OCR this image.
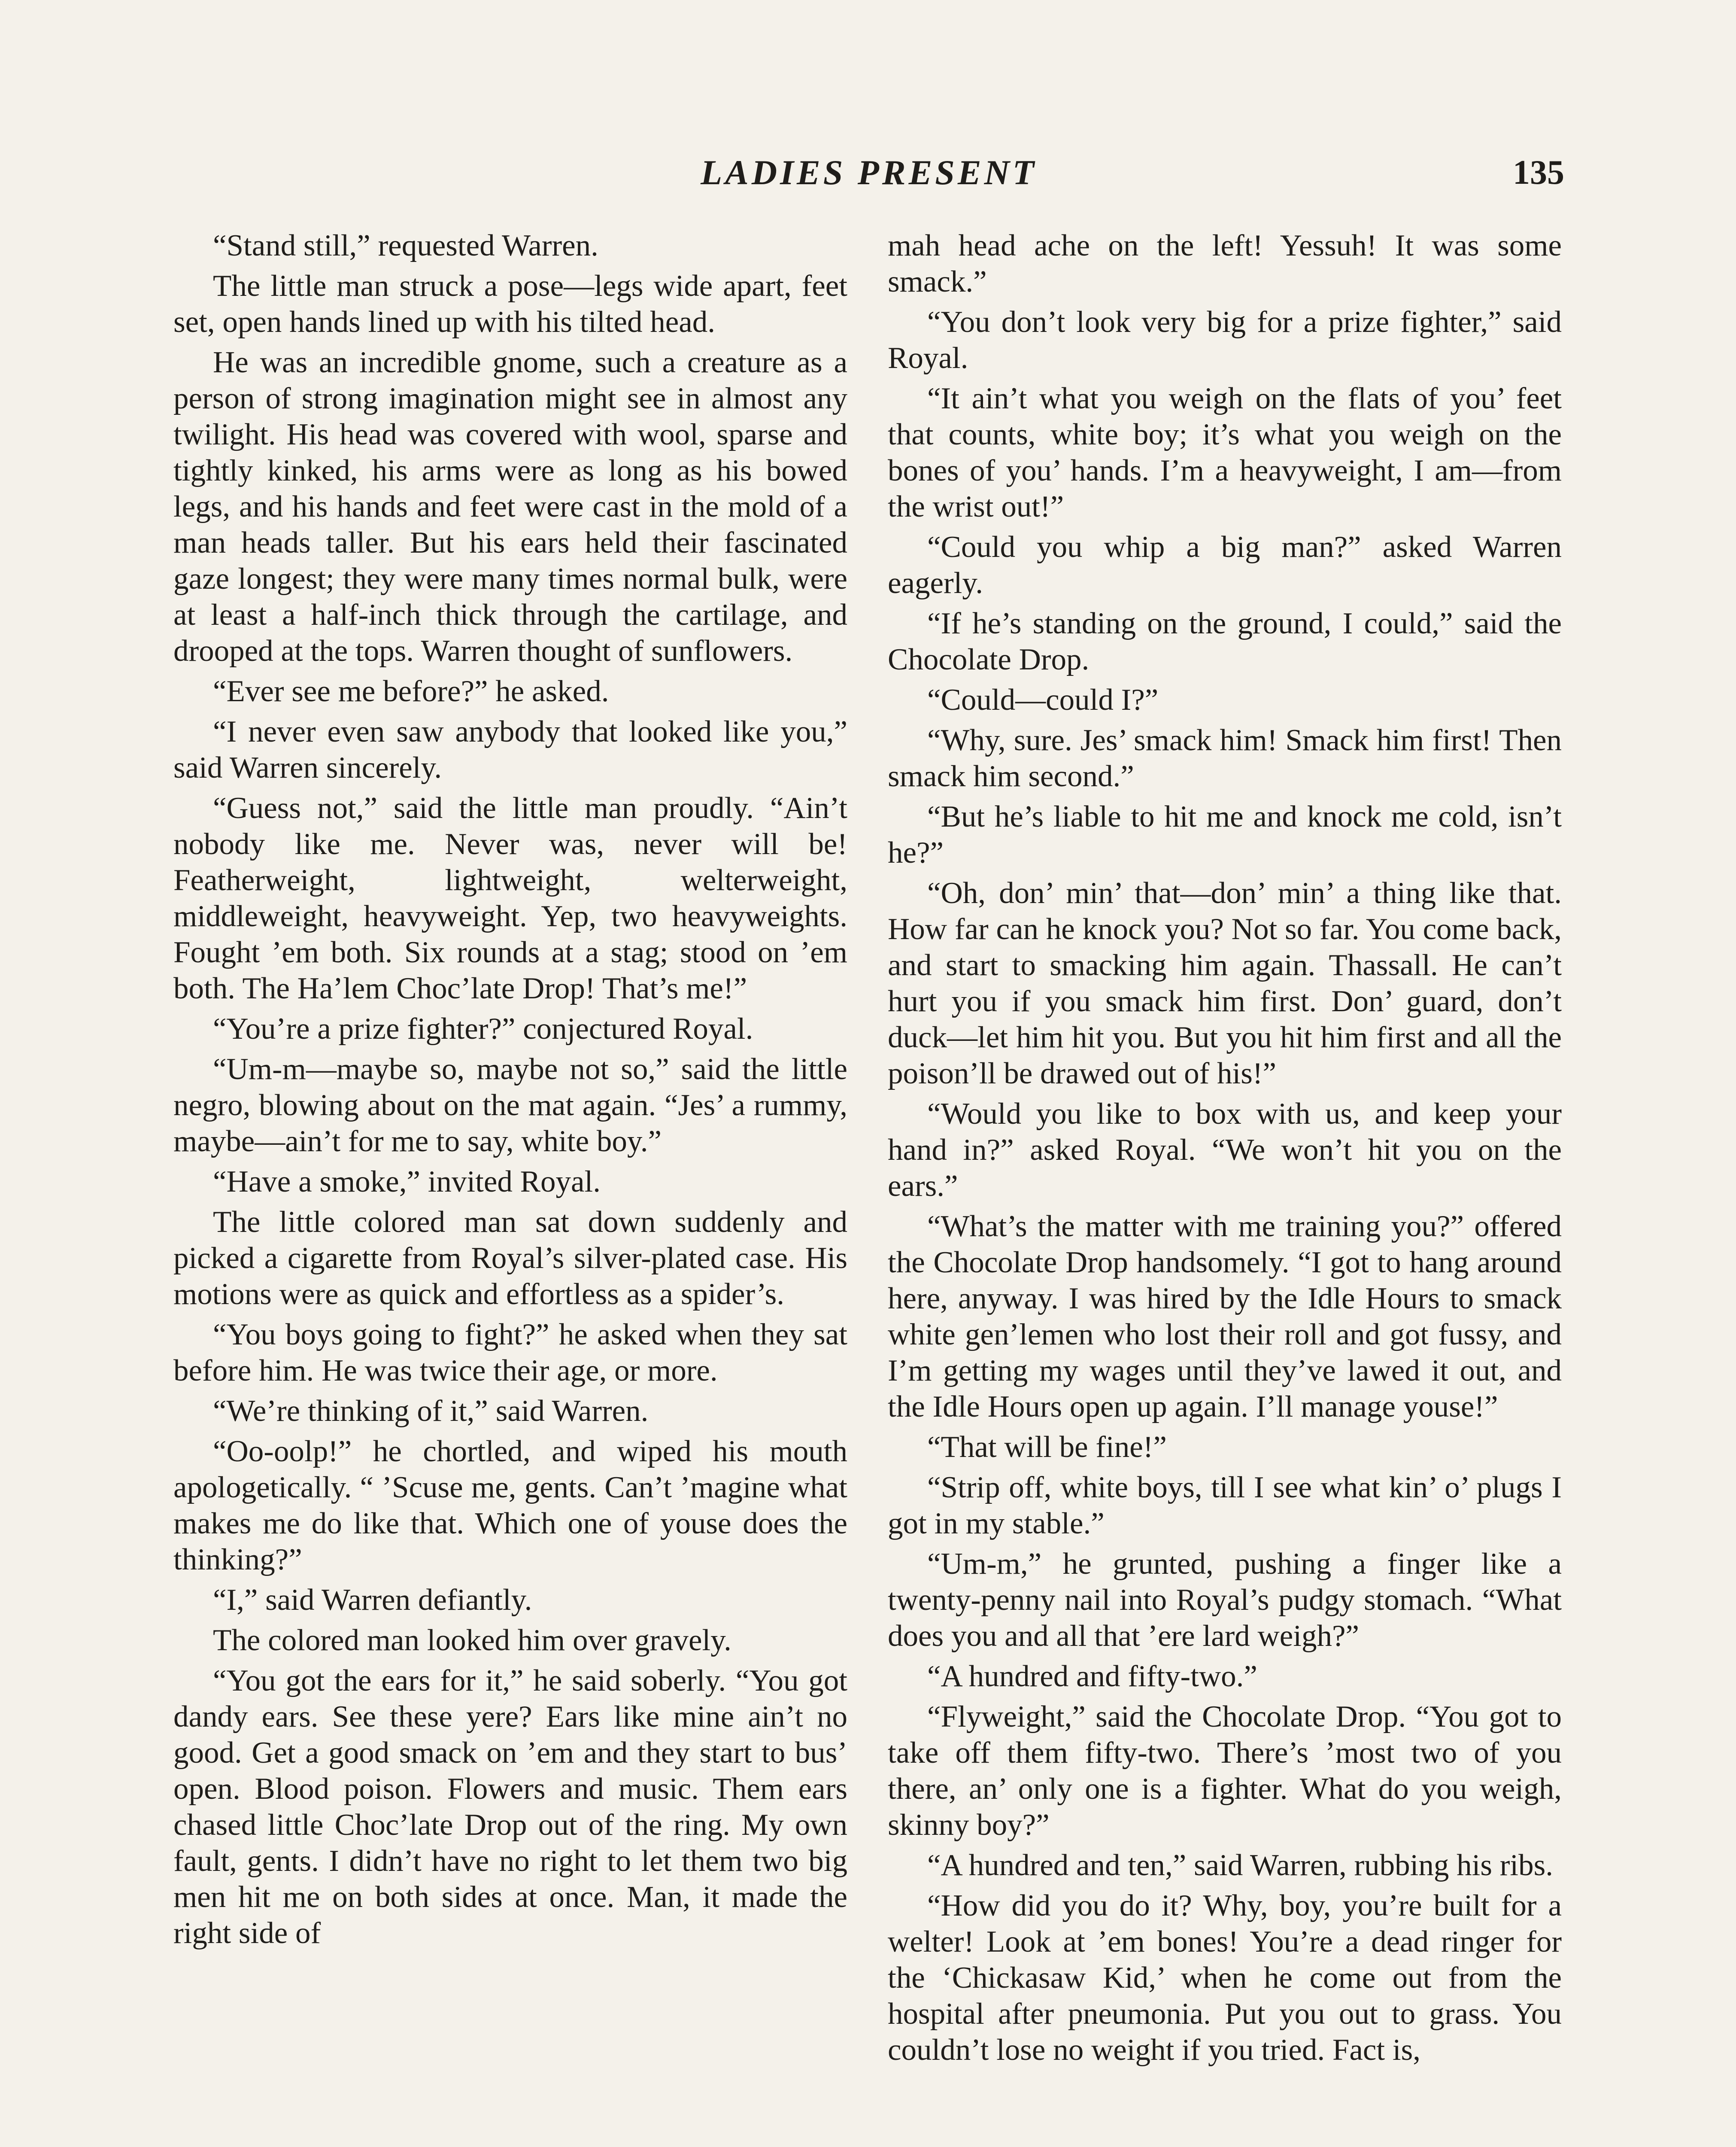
LADIES PRESENT	135

“Stand still,” requested Warren.

The little man struck a pose—legs wide apart, feet set, open hands lined up with his tilted head.

He was an incredible gnome, such a creature as a person of strong imagination might see in almost any twilight. His head was covered with wool, sparse and tightly kinked, his arms were as long as his bowed legs, and his hands and feet were cast in the mold of a man heads taller. But his ears held their fascinated gaze longest; they were many times normal bulk, were at least a half-inch thick through the cartilage, and drooped at the tops. Warren thought of sunflowers.

“Ever see me before?” he asked.

“I never even saw anybody that looked like you,” said Warren sincerely.

“Guess not,” said the little man proudly. “Ain’t nobody like me. Never was, never will be! Featherweight, lightweight, welterweight, middleweight, heavyweight. Yep, two heavyweights. Fought ’em both. Six rounds at a stag; stood on ’em both. The Ha’lem Choc’late Drop! That’s me!”

“You’re a prize fighter?” conjectured Royal.

“Um-m—maybe so, maybe not so,” said the little negro, blowing about on the mat again. “Jes’ a rummy, maybe—ain’t for me to say, white boy.”

“Have a smoke,” invited Royal.

The little colored man sat down suddenly and picked a cigarette from Royal’s silver-plated case. His motions were as quick and effortless as a spider’s.

“You boys going to fight?” he asked when they sat before him. He was twice their age, or more.

“We’re thinking of it,” said Warren.

“Oo-oolp!” he chortled, and wiped his mouth apologetically. “ ’Scuse me, gents. Can’t ’magine what makes me do like that. Which one of youse does the thinking?”

“I,” said Warren defiantly.

The colored man looked him over gravely.

“You got the ears for it,” he said soberly. “You got dandy ears. See these yere? Ears like mine ain’t no good. Get a good smack on ’em and they start to bus’ open. Blood poison. Flowers and music. Them ears chased little Choc’late Drop out of the ring. My own fault, gents. I didn’t have no right to let them two big men hit me on both sides at once. Man, it made the right side of

mah head ache on the left! Yessuh! It was some smack.”

“You don’t look very big for a prize fighter,” said Royal.

“It ain’t what you weigh on the flats of you’ feet that counts, white boy; it’s what you weigh on the bones of you’ hands. I’m a heavyweight, I am—from the wrist out!”

“Could you whip a big man?” asked Warren eagerly.

“If he’s standing on the ground, I could,” said the Chocolate Drop.

“Could—could I?”

“Why, sure. Jes’ smack him! Smack him first! Then smack him second.”

“But he’s liable to hit me and knock me cold, isn’t he?”

“Oh, don’ min’ that—don’ min’ a thing like that. How far can he knock you? Not so far. You come back, and start to smacking him again. Thassall. He can’t hurt you if you smack him first. Don’ guard, don’t duck—let him hit you. But you hit him first and all the poison’ll be drawed out of his!”

“Would you like to box with us, and keep your hand in?” asked Royal. “We won’t hit you on the ears.”

“What’s the matter with me training you?” offered the Chocolate Drop handsomely. “I got to hang around here, anyway. I was hired by the Idle Hours to smack white gen’lemen who lost their roll and got fussy, and I’m getting my wages until they’ve lawed it out, and the Idle Hours open up again. I’ll manage youse!”

“That will be fine!”

“Strip off, white boys, till I see what kin’ o’ plugs I got in my stable.”

“Um-m,” he grunted, pushing a finger like a twenty-penny nail into Royal’s pudgy stomach. “What does you and all that ’ere lard weigh?”

“A hundred and fifty-two.”

“Flyweight,” said the Chocolate Drop. “You got to take off them fifty-two. There’s ’most two of you there, an’ only one is a fighter. What do you weigh, skinny boy?”

“A hundred and ten,” said Warren, rubbing his ribs.

“How did you do it? Why, boy, you’re built for a welter! Look at ’em bones! You’re a dead ringer for the ‘Chickasaw Kid,’ when he come out from the hospital after pneumonia. Put you out to grass. You couldn’t lose no weight if you tried. Fact is,
